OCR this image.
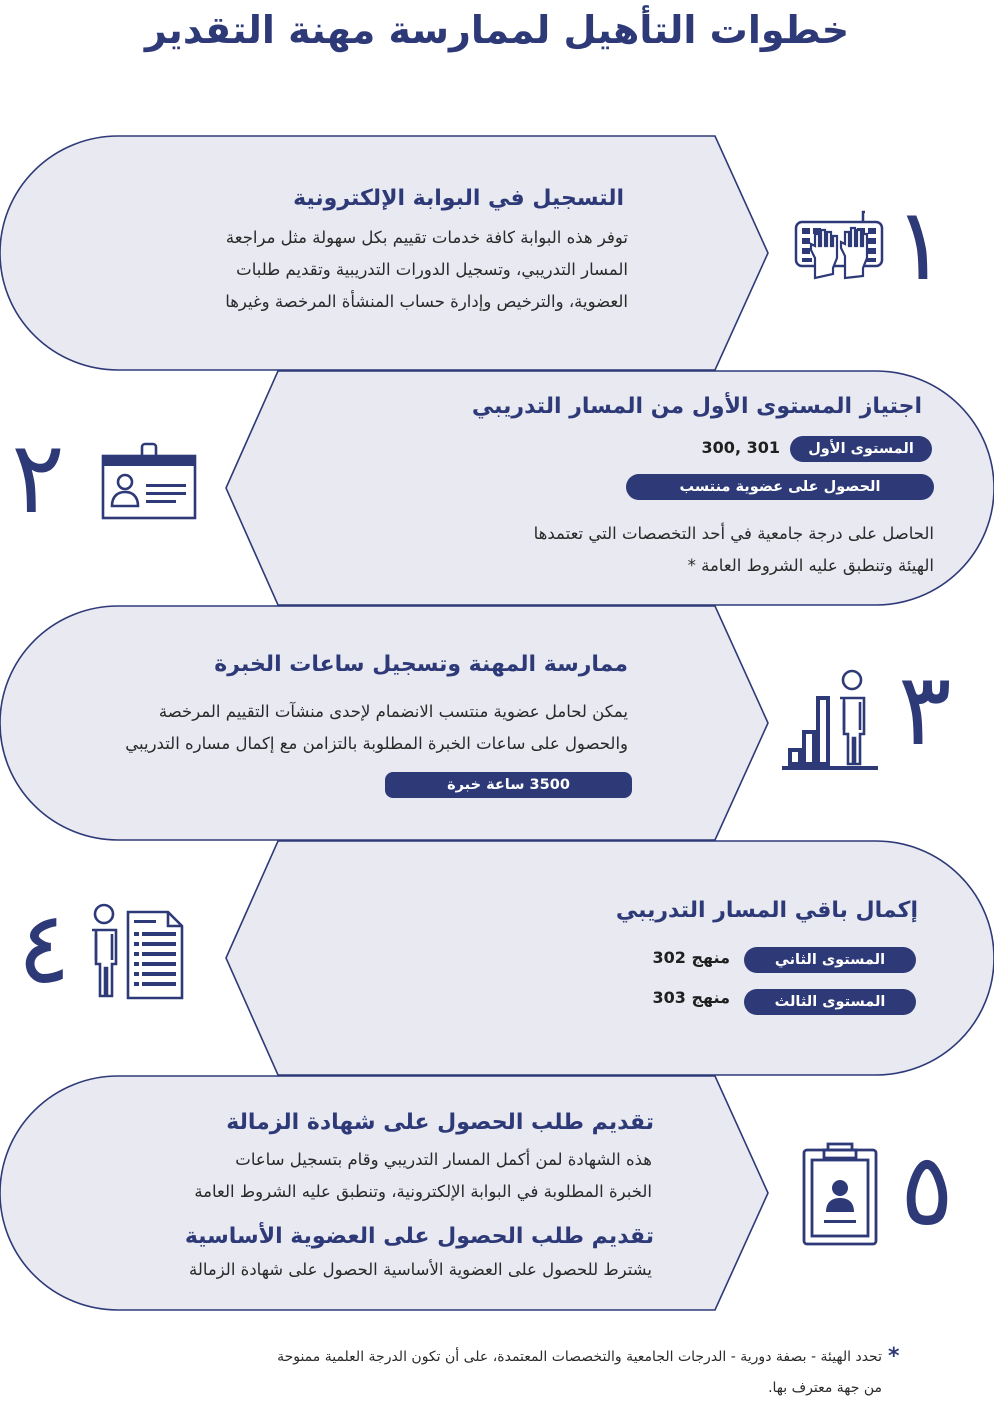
خطوات التأهيل لممارسة مهنة التقدير
١
التسجيل في البوابة الإلكترونية
توفر هذه البوابة كافة خدمات تقييم بكل سهولة مثل مراجعة
المسار التدريبي، وتسجيل الدورات التدريبية وتقديم طلبات
العضوية، والترخيص وإدارة حساب المنشأة المرخصة وغيرها
٢
اجتياز المستوى الأول من المسار التدريبي
المستوى الأول
301 ,300
الحصول على عضوية منتسب
الحاصل على درجة جامعية في أحد التخصصات التي تعتمدها
الهيئة وتنطبق عليه الشروط العامة *
٣
ممارسة المهنة وتسجيل ساعات الخبرة
يمكن لحامل عضوية منتسب الانضمام لإحدى منشآت التقييم المرخصة
والحصول على ساعات الخبرة المطلوبة بالتزامن مع إكمال مساره التدريبي
3500 ساعة خبرة
٤	إكمال باقي المسار التدريبي
المستوى الثاني
منهج 302
المستوى الثالث
منهج 303
٥
تقديم طلب الحصول على شهادة الزمالة
هذه الشهادة لمن أكمل المسار التدريبي وقام بتسجيل ساعات
الخبرة المطلوبة في البوابة الإلكترونية، وتنطبق عليه الشروط العامة
تقديم طلب الحصول على العضوية الأساسية
يشترط للحصول على العضوية الأساسية الحصول على شهادة الزمالة
*
تحدد الهيئة - بصفة دورية - الدرجات الجامعية والتخصصات المعتمدة، على أن تكون الدرجة العلمية ممنوحة
من جهة معترف بها.
